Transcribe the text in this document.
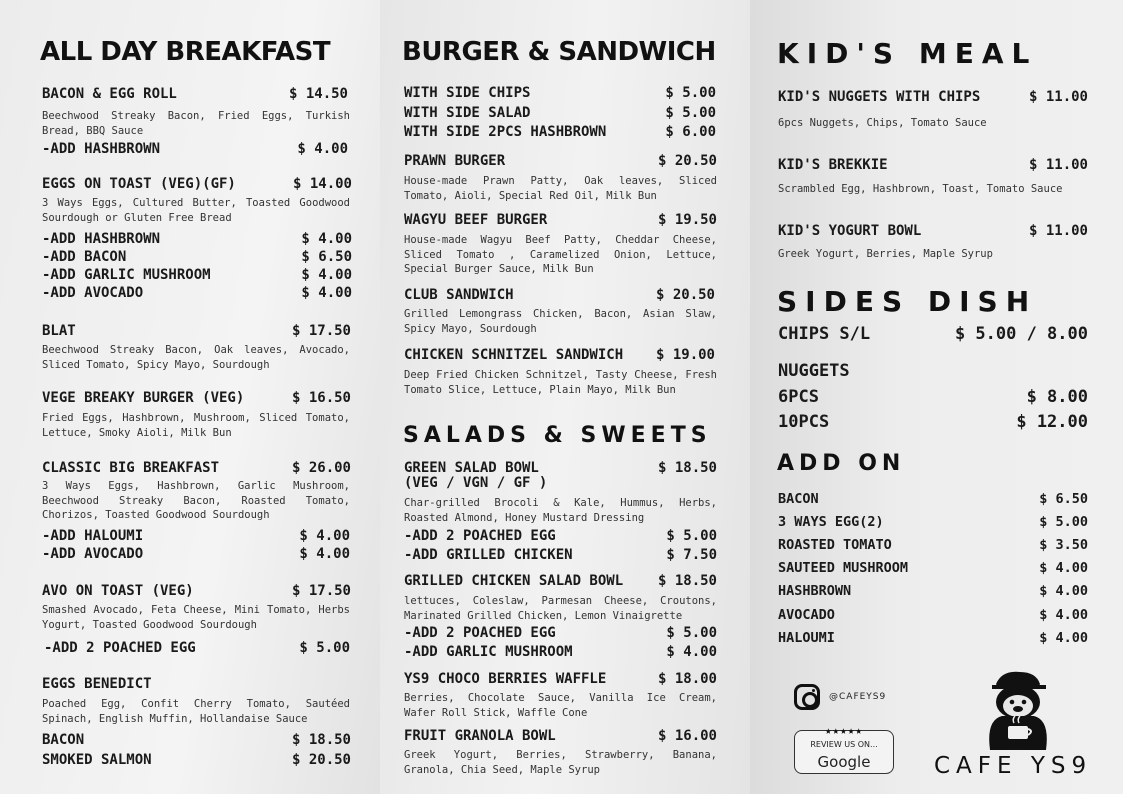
ALL DAY BREAKFAST
BACON & EGG ROLL	$ 14.50
Beechwood Streaky Bacon, Fried Eggs, Turkish Bread, BBQ Sauce
-ADD HASHBROWN	$ 4.00
EGGS ON TOAST (VEG)(GF)	$ 14.00
3 Ways Eggs, Cultured Butter, Toasted Goodwood Sourdough or Gluten Free Bread
-ADD HASHBROWN	$ 4.00
-ADD BACON	$ 6.50
-ADD GARLIC MUSHROOM	$ 4.00
-ADD AVOCADO	$ 4.00
BLAT	$ 17.50
Beechwood Streaky Bacon, Oak leaves, Avocado, Sliced Tomato, Spicy Mayo, Sourdough
VEGE BREAKY BURGER (VEG)	$ 16.50
Fried Eggs, Hashbrown, Mushroom, Sliced Tomato, Lettuce, Smoky Aioli, Milk Bun
CLASSIC BIG BREAKFAST	$ 26.00
3 Ways Eggs, Hashbrown, Garlic Mushroom, Beechwood Streaky Bacon, Roasted Tomato, Chorizos, Toasted Goodwood Sourdough
-ADD HALOUMI	$ 4.00
-ADD AVOCADO	$ 4.00
AVO ON TOAST (VEG)	$ 17.50
Smashed Avocado, Feta Cheese, Mini Tomato, Herbs Yogurt, Toasted Goodwood Sourdough
-ADD 2 POACHED EGG	$ 5.00
EGGS BENEDICT
Poached Egg, Confit Cherry Tomato, Sautéed Spinach, English Muffin, Hollandaise Sauce
BACON	$ 18.50
SMOKED SALMON	$ 20.50
BURGER & SANDWICH
WITH SIDE CHIPS	$ 5.00
WITH SIDE SALAD	$ 5.00
WITH SIDE 2PCS HASHBROWN	$ 6.00
PRAWN BURGER	$ 20.50
House-made Prawn Patty, Oak leaves, Sliced Tomato, Aioli, Special Red Oil, Milk Bun
WAGYU BEEF BURGER	$ 19.50
House-made Wagyu Beef Patty, Cheddar Cheese, Sliced Tomato , Caramelized Onion, Lettuce, Special Burger Sauce, Milk Bun
CLUB SANDWICH	$ 20.50
Grilled Lemongrass Chicken, Bacon, Asian Slaw, Spicy Mayo, Sourdough
CHICKEN SCHNITZEL SANDWICH $ 19.00
Deep Fried Chicken Schnitzel, Tasty Cheese, Fresh Tomato Slice, Lettuce, Plain Mayo, Milk Bun
SALADS & SWEETS
GREEN SALAD BOWL	$ 18.50
(VEG / VGN / GF )
Char-grilled Brocoli & Kale, Hummus, Herbs, Roasted Almond, Honey Mustard Dressing
-ADD 2 POACHED EGG	$ 5.00
-ADD GRILLED CHICKEN	$ 7.50
GRILLED CHICKEN SALAD BOWL $ 18.50
lettuces, Coleslaw, Parmesan Cheese, Croutons, Marinated Grilled Chicken, Lemon Vinaigrette
-ADD 2 POACHED EGG	$ 5.00
-ADD GARLIC MUSHROOM	$ 4.00
YS9 CHOCO BERRIES WAFFLE	$ 18.00
Berries, Chocolate Sauce, Vanilla Ice Cream, Wafer Roll Stick, Waffle Cone
FRUIT GRANOLA BOWL	$ 16.00
Greek Yogurt, Berries, Strawberry, Banana, Granola, Chia Seed, Maple Syrup
KID'S MEAL
KID'S NUGGETS WITH CHIPS	$ 11.00
6pcs Nuggets, Chips, Tomato Sauce
KID'S BREKKIE	$ 11.00
Scrambled Egg, Hashbrown, Toast, Tomato Sauce
KID'S YOGURT BOWL	$ 11.00
Greek Yogurt, Berries, Maple Syrup
SIDES DISH
CHIPS S/L	$ 5.00 / 8.00
NUGGETS
6PCS	$ 8.00
10PCS	$ 12.00
ADD ON
BACON	$ 6.50
3 WAYS EGG(2)	$ 5.00
ROASTED TOMATO	$ 3.50
SAUTEED MUSHROOM	$ 4.00
HASHBROWN	$ 4.00
AVOCADO	$ 4.00
HALOUMI	$ 4.00
@CAFEYS9
★★★★★
REVIEW US ON...
Google	CAFE YS9
